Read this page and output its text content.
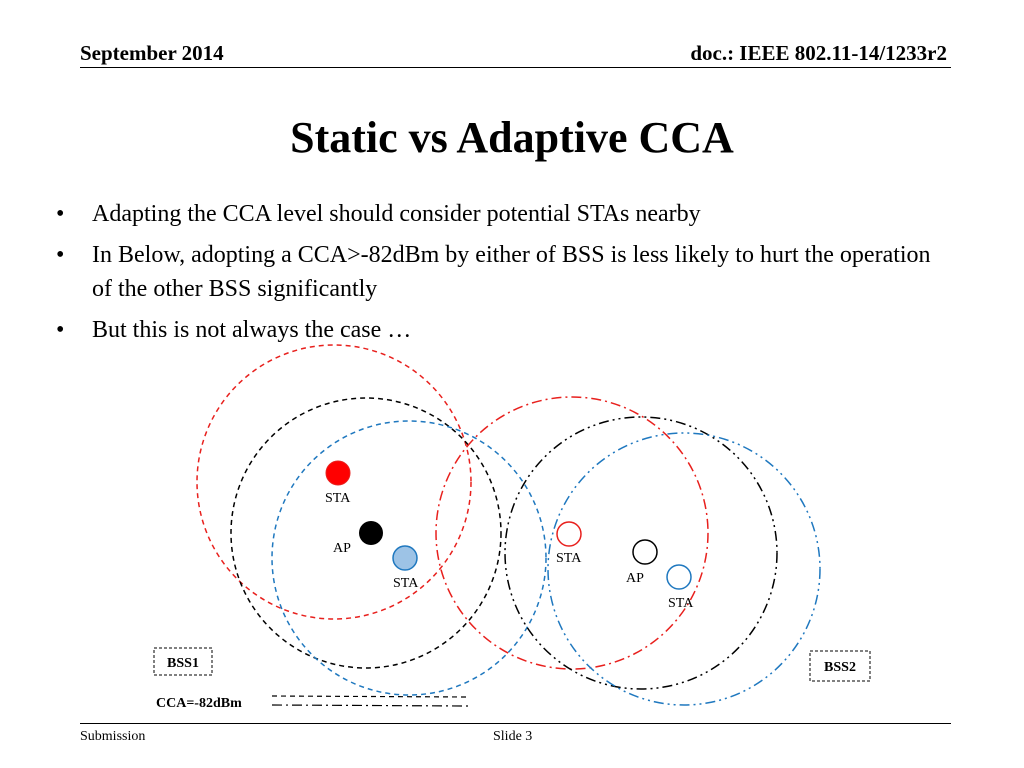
September 2014	doc.: IEEE 802.11-14/1233r2
Static vs Adaptive CCA
• Adapting the CCA level should consider potential STAs nearby
• In Below, adopting a CCA>-82dBm by either of BSS is less likely to hurt the operation of the other BSS significantly
• But this is not always the case …
STA
AP
STA
STA
AP
STA
BSS1	BSS2
CCA=-82dBm
Submission	Slide 3
